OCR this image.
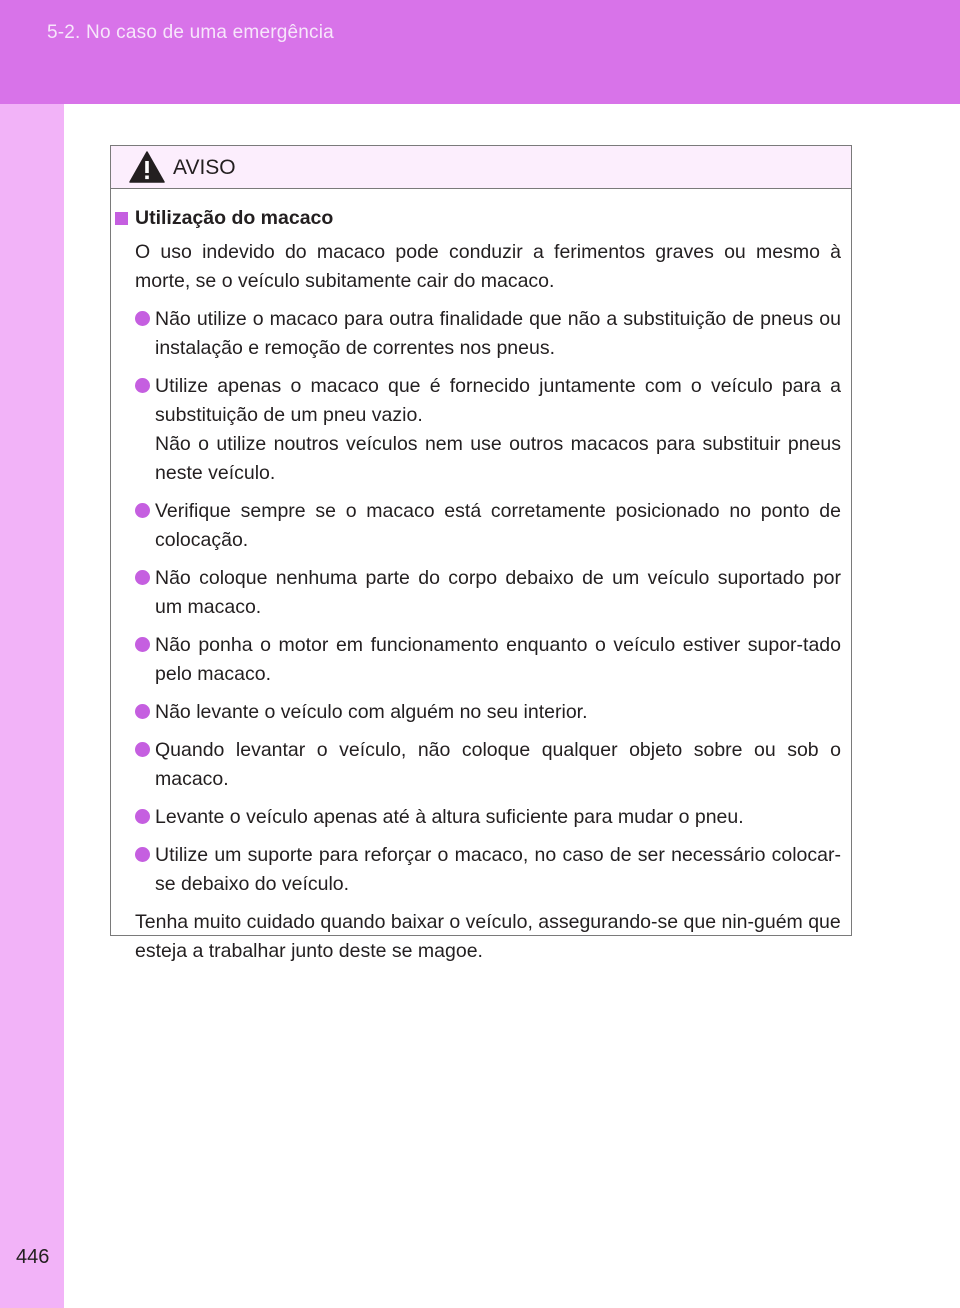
5-2. No caso de uma emergência
446
AVISO
Utilização do macaco

O uso indevido do macaco pode conduzir a ferimentos graves ou mesmo à morte, se o veículo subitamente cair do macaco.

Não utilize o macaco para outra finalidade que não a substituição de pneus ou instalação e remoção de correntes nos pneus.
Utilize apenas o macaco que é fornecido juntamente com o veículo para a substituição de um pneu vazio.
Não o utilize noutros veículos nem use outros macacos para substituir pneus neste veículo.
Verifique sempre se o macaco está corretamente posicionado no ponto de colocação.
Não coloque nenhuma parte do corpo debaixo de um veículo suportado por um macaco.
Não ponha o motor em funcionamento enquanto o veículo estiver supor-tado pelo macaco.
Não levante o veículo com alguém no seu interior.
Quando levantar o veículo, não coloque qualquer objeto sobre ou sob o macaco.
Levante o veículo apenas até à altura suficiente para mudar o pneu.
Utilize um suporte para reforçar o macaco, no caso de ser necessário colocar-se debaixo do veículo.

Tenha muito cuidado quando baixar o veículo, assegurando-se que nin-guém que esteja a trabalhar junto deste se magoe.
